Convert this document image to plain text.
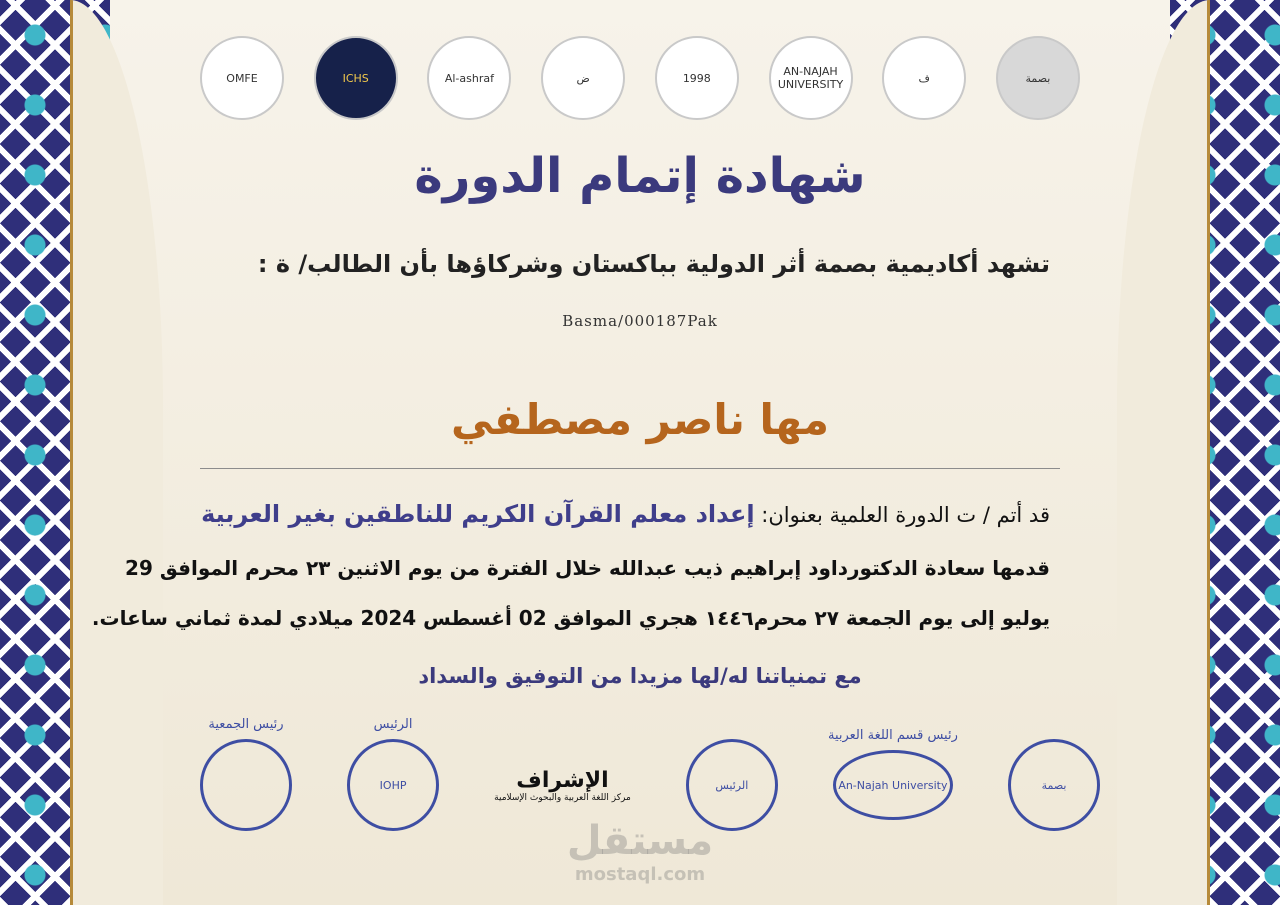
OMFE	ICHS	Al-ashraf	ض	1998	AN-NAJAH UNIVERSITY	ف	بصمة
شهادة إتمام الدورة
تشهد أكاديمية بصمة أثر الدولية بباكستان وشركاؤها بأن الطالب/ ة :
Basma/000187Pak
مها ناصر مصطفي
قد أتم / ت الدورة العلمية بعنوان: إعداد معلم القرآن الكريم للناطقين بغير العربية
قدمها سعادة الدكتورداود إبراهيم ذيب عبدالله خلال الفترة من يوم الاثنين ٢٣ محرم الموافق 29
يوليو إلى يوم الجمعة ٢٧ محرم١٤٤٦ هجري الموافق 02 أغسطس 2024 ميلادي لمدة ثماني ساعات.
مع تمنياتنا له/لها مزيدا من التوفيق والسداد
رئيس الجمعية	الرئيس
IOHP	الإشراف
مركز اللغة العربية والبحوث الإسلامية
الرئيس
رئيس قسم اللغة العربية
An-Najah University	بصمة
مستقل
mostaql.com
